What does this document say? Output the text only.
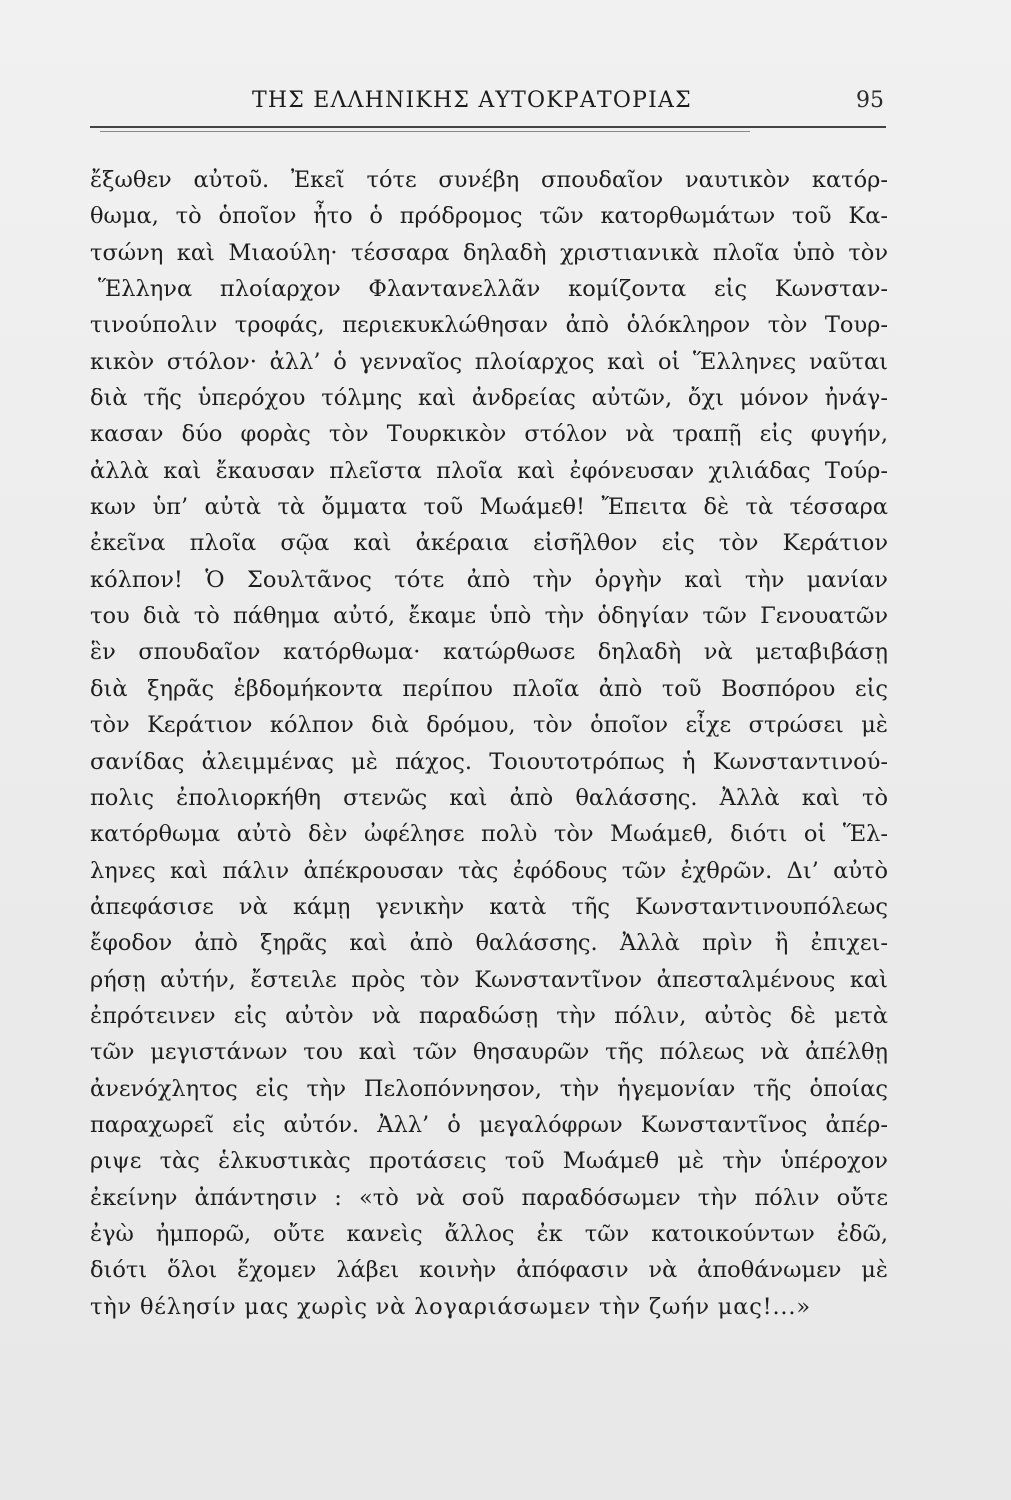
ΤΗΣ ΕΛΛΗΝΙΚΗΣ ΑΥΤΟΚΡΑΤΟΡΙΑΣ	95
ἔξωθεν αὐτοῦ. Ἐκεῖ τότε συνέβη σπουδαῖον ναυτικὸν κατόρ-
θωμα, τὸ ὁποῖον ἦτο ὁ πρόδρομος τῶν κατορθωμάτων τοῦ Κα-
τσώνη καὶ Μιαούλη· τέσσαρα δηλαδὴ χριστιανικὰ πλοῖα ὑπὸ τὸν
Ἕλληνα πλοίαρχον Φλαντανελλᾶν κομίζοντα εἰς Κωνσταν-
τινούπολιν τροφάς, περιεκυκλώθησαν ἀπὸ ὁλόκληρον τὸν Τουρ-
κικὸν στόλον· ἀλλ’ ὁ γενναῖος πλοίαρχος καὶ οἱ Ἕλληνες ναῦται
διὰ τῆς ὑπερόχου τόλμης καὶ ἀνδρείας αὐτῶν, ὄχι μόνον ἠνάγ-
κασαν δύο φορὰς τὸν Τουρκικὸν στόλον νὰ τραπῇ εἰς φυγήν,
ἀλλὰ καὶ ἔκαυσαν πλεῖστα πλοῖα καὶ ἐφόνευσαν χιλιάδας Τούρ-
κων ὑπ’ αὐτὰ τὰ ὄμματα τοῦ Μωάμεθ! Ἔπειτα δὲ τὰ τέσσαρα
ἐκεῖνα πλοῖα σῷα καὶ ἀκέραια εἰσῆλθον εἰς τὸν Κεράτιον
κόλπον! Ὁ Σουλτᾶνος τότε ἀπὸ τὴν ὀργὴν καὶ τὴν μανίαν
του διὰ τὸ πάθημα αὐτό, ἔκαμε ὑπὸ τὴν ὁδηγίαν τῶν Γενουατῶν
ἓν σπουδαῖον κατόρθωμα· κατώρθωσε δηλαδὴ νὰ μεταβιβάσῃ
διὰ ξηρᾶς ἑβδομήκοντα περίπου πλοῖα ἀπὸ τοῦ Βοσπόρου εἰς
τὸν Κεράτιον κόλπον διὰ δρόμου, τὸν ὁποῖον εἶχε στρώσει μὲ
σανίδας ἀλειμμένας μὲ πάχος. Τοιουτοτρόπως ἡ Κωνσταντινού-
πολις ἐπολιορκήθη στενῶς καὶ ἀπὸ θαλάσσης. Ἀλλὰ καὶ τὸ
κατόρθωμα αὐτὸ δὲν ὠφέλησε πολὺ τὸν Μωάμεθ, διότι οἱ Ἕλ-
ληνες καὶ πάλιν ἀπέκρουσαν τὰς ἐφόδους τῶν ἐχθρῶν. Δι’ αὐτὸ
ἀπεφάσισε νὰ κάμῃ γενικὴν κατὰ τῆς Κωνσταντινουπόλεως
ἔφοδον ἀπὸ ξηρᾶς καὶ ἀπὸ θαλάσσης. Ἀλλὰ πρὶν ἢ ἐπιχει-
ρήσῃ αὐτήν, ἔστειλε πρὸς τὸν Κωνσταντῖνον ἀπεσταλμένους καὶ
ἐπρότεινεν εἰς αὐτὸν νὰ παραδώσῃ τὴν πόλιν, αὐτὸς δὲ μετὰ
τῶν μεγιστάνων του καὶ τῶν θησαυρῶν τῆς πόλεως νὰ ἀπέλθῃ
ἀνενόχλητος εἰς τὴν Πελοπόννησον, τὴν ἡγεμονίαν τῆς ὁποίας
παραχωρεῖ εἰς αὐτόν. Ἀλλ’ ὁ μεγαλόφρων Κωνσταντῖνος ἀπέρ-
ριψε τὰς ἑλκυστικὰς προτάσεις τοῦ Μωάμεθ μὲ τὴν ὑπέροχον
ἐκείνην ἀπάντησιν : «τὸ νὰ σοῦ παραδόσωμεν τὴν πόλιν οὔτε
ἐγὼ ἠμπορῶ, οὔτε κανεὶς ἄλλος ἐκ τῶν κατοικούντων ἐδῶ,
διότι ὅλοι ἔχομεν λάβει κοινὴν ἀπόφασιν νὰ ἀποθάνωμεν μὲ
τὴν θέλησίν μας χωρὶς νὰ λογαριάσωμεν τὴν ζωήν μας!...»
